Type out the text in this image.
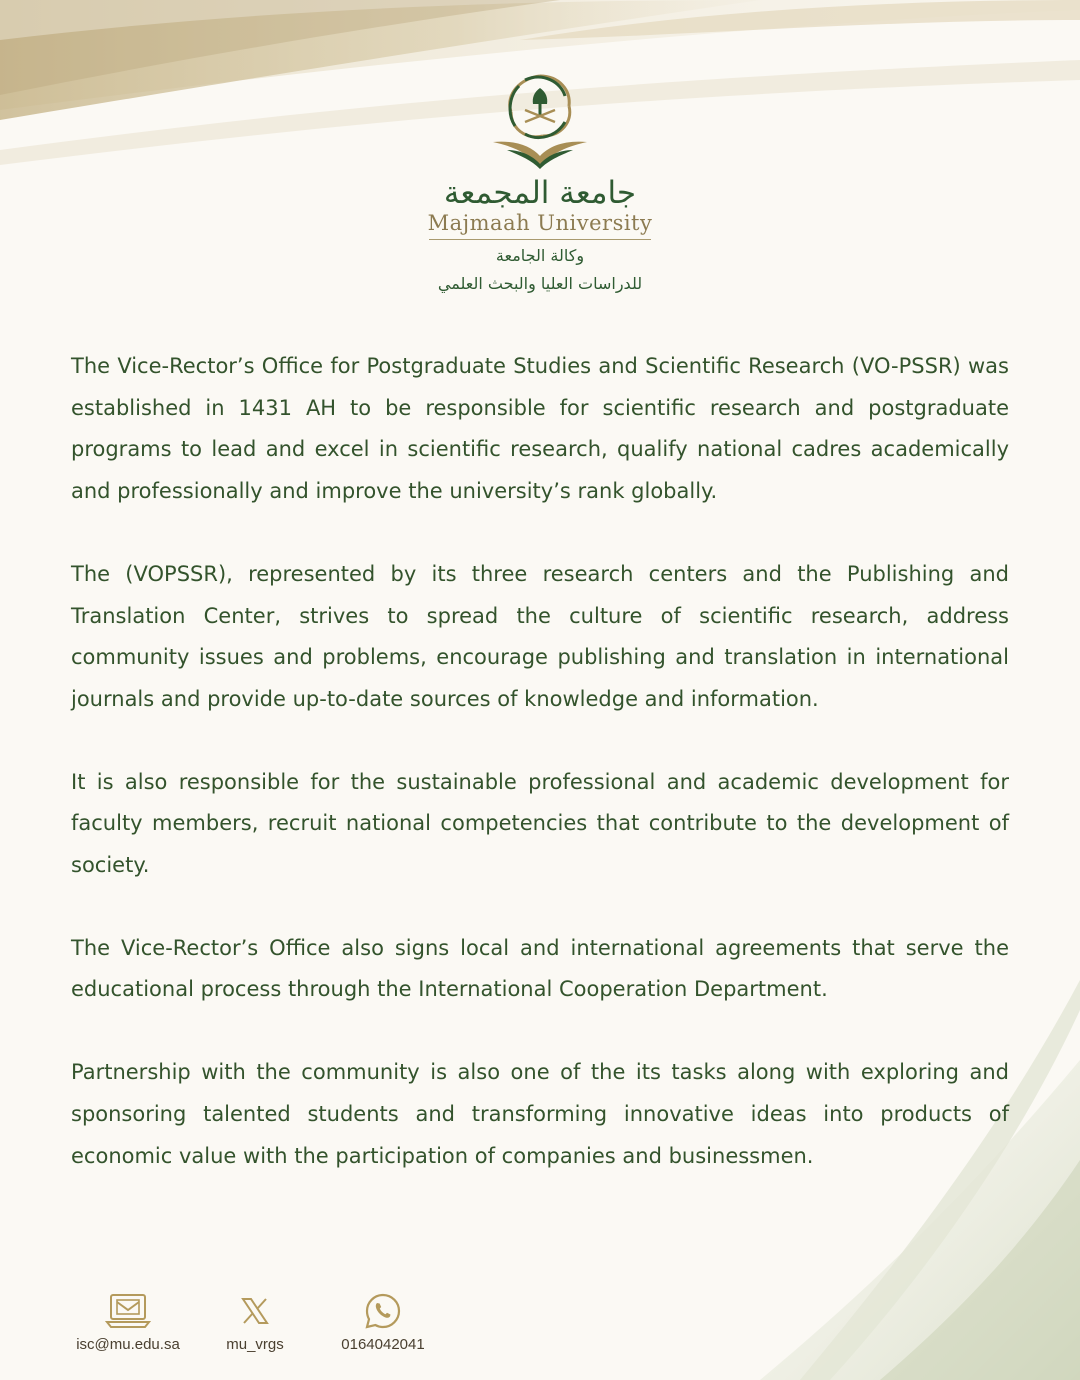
جامعة المجمعة
Majmaah University
وكالة الجامعة
للدراسات العليا والبحث العلمي

The Vice-Rector’s Office for Postgraduate Studies and Scientific Research (VO-PSSR) was established in 1431 AH to be responsible for scientific research and postgraduate programs to lead and excel in scientific research, qualify national cadres academically and professionally and improve the university’s rank globally.

The (VOPSSR), represented by its three research centers and the Publishing and Translation Center, strives to spread the culture of scientific research, address community issues and problems, encourage publishing and translation in international journals and provide up-to-date sources of knowledge and information.

It is also responsible for the sustainable professional and academic development for faculty members, recruit national competencies that contribute to the development of society.

The Vice-Rector’s Office also signs local and international agreements that serve the educational process through the International Cooperation Department.

Partnership with the community is also one of the its tasks along with exploring and sponsoring talented students and transforming innovative ideas into products of economic value with the participation of companies and businessmen.

isc@mu.edu.sa	mu_vrgs	0164042041
